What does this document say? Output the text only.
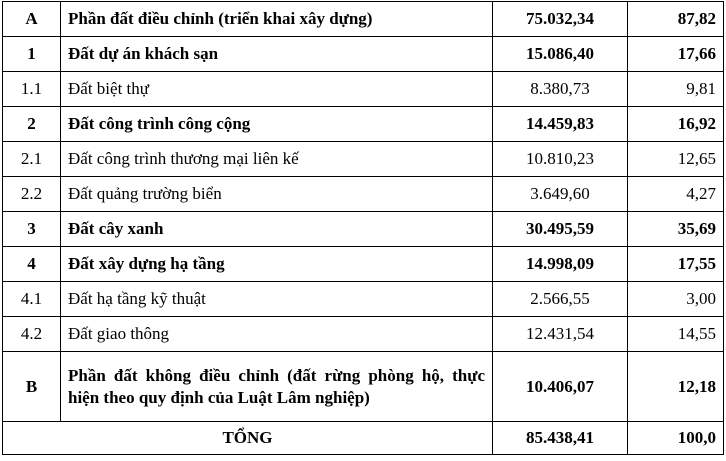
A	Phần đất điều chỉnh (triển khai xây dựng)	75.032,34	87,82
1	Đất dự án khách sạn	15.086,40	17,66
1.1	Đất biệt thự	8.380,73	9,81
2	Đất công trình công cộng	14.459,83	16,92
2.1	Đất công trình thương mại liên kế	10.810,23	12,65
2.2	Đất quảng trường biển	3.649,60	4,27
3	Đất cây xanh	30.495,59	35,69
4	Đất xây dựng hạ tầng	14.998,09	17,55
4.1	Đất hạ tầng kỹ thuật	2.566,55	3,00
4.2	Đất giao thông	12.431,54	14,55
B	Phần đất không điều chỉnh (đất rừng phòng hộ, thực hiện theo quy định của Luật Lâm nghiệp)	10.406,07	12,18
TỔNG		85.438,41	100,0
